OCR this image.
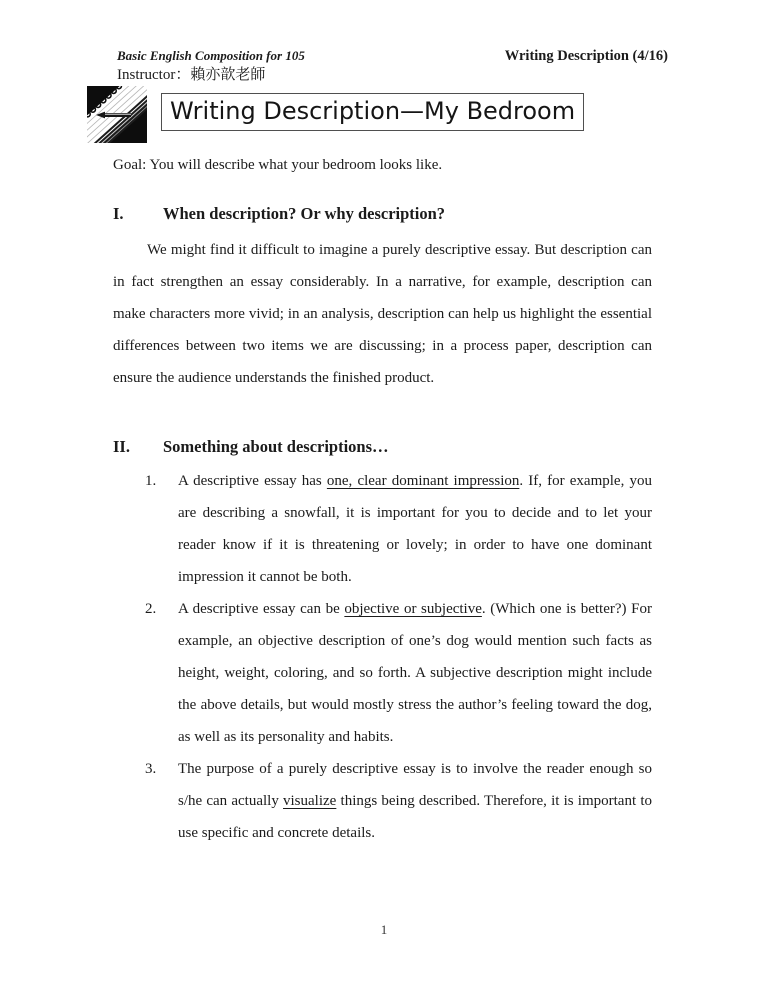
Basic English Composition for 105	Writing Description (4/16)
Instructor：賴亦歆老師
Writing Description—My Bedroom

Goal: You will describe what your bedroom looks like.

I.	When description? Or why description?

We might find it difficult to imagine a purely descriptive essay. But description can in fact strengthen an essay considerably. In a narrative, for example, description can make characters more vivid; in an analysis, description can help us highlight the essential differences between two items we are discussing; in a process paper, description can ensure the audience understands the finished product.

II.	Something about descriptions…
1.	A descriptive essay has one, clear dominant impression. If, for example, you are describing a snowfall, it is important for you to decide and to let your reader know if it is threatening or lovely; in order to have one dominant impression it cannot be both.
2.	A descriptive essay can be objective or subjective. (Which one is better?) For example, an objective description of one’s dog would mention such facts as height, weight, coloring, and so forth. A subjective description might include the above details, but would mostly stress the author’s feeling toward the dog, as well as its personality and habits.
3.	The purpose of a purely descriptive essay is to involve the reader enough so s/he can actually visualize things being described. Therefore, it is important to use specific and concrete details.
1
